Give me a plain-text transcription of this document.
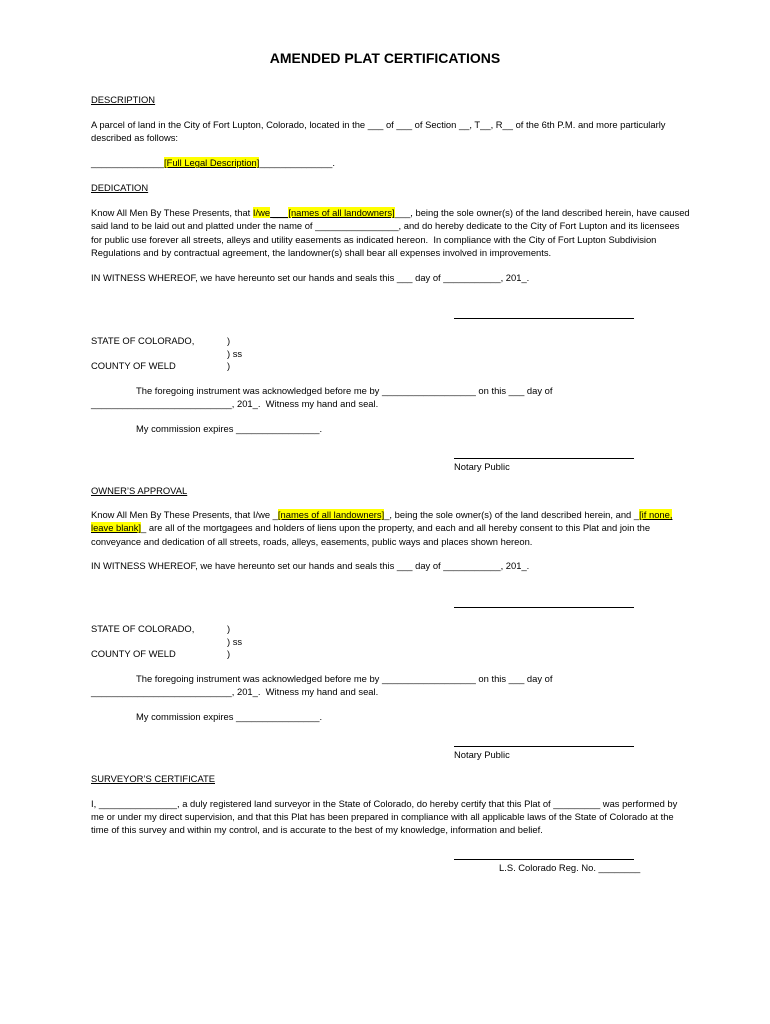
AMENDED PLAT CERTIFICATIONS
DESCRIPTION
A parcel of land in the City of Fort Lupton, Colorado, located in the ___ of ___ of Section __, T__, R__ of the 6th P.M. and more particularly
described as follows:
______________[Full Legal Description]______________.
DEDICATION
Know All Men By These Presents, that I/we ___[names of all landowners]___, being the sole owner(s) of the land described herein, have caused
said land to be laid out and platted under the name of ________________, and do hereby dedicate to the City of Fort Lupton and its licensees
for public use forever all streets, alleys and utility easements as indicated hereon.  In compliance with the City of Fort Lupton Subdivision
Regulations and by contractual agreement, the landowner(s) shall bear all expenses involved in improvements.
IN WITNESS WHEREOF, we have hereunto set our hands and seals this ___ day of ___________, 201_.
STATE OF COLORADO,	)
) ss
COUNTY OF WELD	)
The foregoing instrument was acknowledged before me by __________________ on this ___ day of
___________________________, 201_.  Witness my hand and seal.
My commission expires ________________.
Notary Public
OWNER’S APPROVAL
Know All Men By These Presents, that I/we _[names of all landowners]_, being the sole owner(s) of the land described herein, and _[if none,
leave blank]_ are all of the mortgagees and holders of liens upon the property, and each and all hereby consent to this Plat and join the
conveyance and dedication of all streets, roads, alleys, easements, public ways and places shown hereon.
IN WITNESS WHEREOF, we have hereunto set our hands and seals this ___ day of ___________, 201_.
STATE OF COLORADO,	)
) ss
COUNTY OF WELD	)
The foregoing instrument was acknowledged before me by __________________ on this ___ day of
___________________________, 201_.  Witness my hand and seal.
My commission expires ________________.
Notary Public
SURVEYOR’S CERTIFICATE
I, _______________, a duly registered land surveyor in the State of Colorado, do hereby certify that this Plat of _________ was performed by
me or under my direct supervision, and that this Plat has been prepared in compliance with all applicable laws of the State of Colorado at the
time of this survey and within my control, and is accurate to the best of my knowledge, information and belief.
L.S. Colorado Reg. No. ________
